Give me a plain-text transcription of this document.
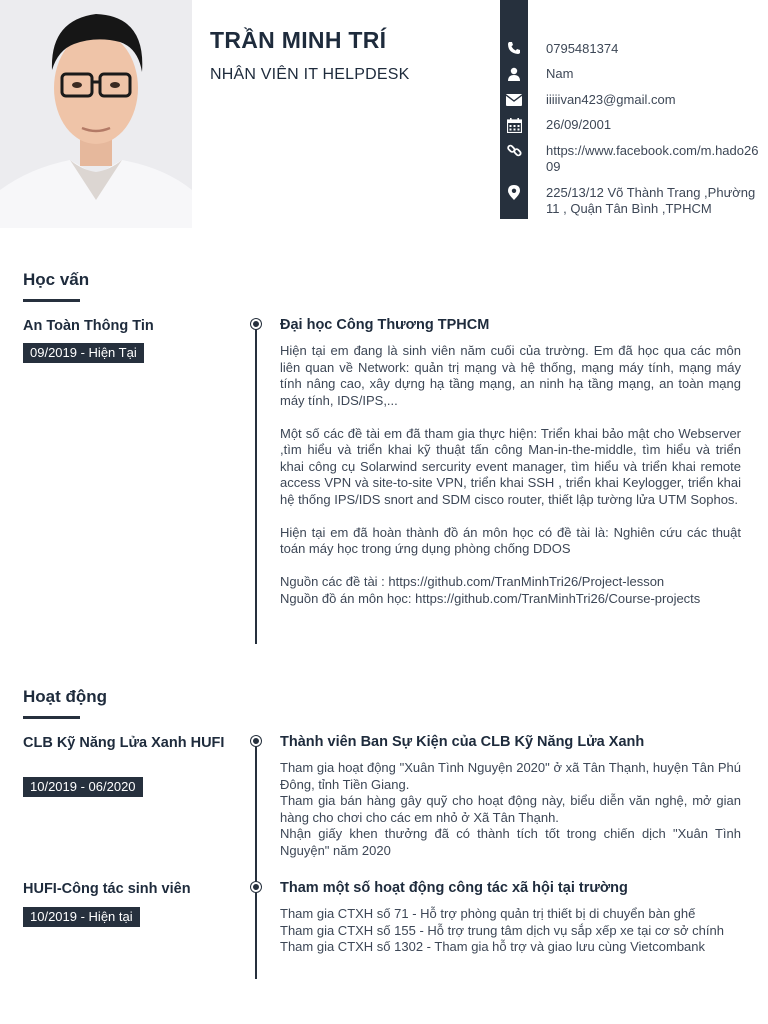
TRẦN MINH TRÍ
NHÂN VIÊN IT HELPDESK
0795481374
Nam
iiiiivan423@gmail.com
26/09/2001
https://www.facebook.com/m.hado2609
225/13/12 Võ Thành Trang ,Phường 11 , Quận Tân Bình ,TPHCM
Học vấn
An Toàn Thông Tin
09/2019 - Hiện Tại
Đại học Công Thương TPHCM

Hiện tại em đang là sinh viên năm cuối của trường. Em đã học qua các môn liên quan về Network: quản trị mạng và hệ thống, mạng máy tính, mạng máy tính nâng cao, xây dựng hạ tầng mạng, an ninh hạ tầng mạng, an toàn mạng máy tính, IDS/IPS,...

Một số các đề tài em đã tham gia thực hiện: Triển khai bảo mật cho Webserver ,tìm hiểu và triển khai kỹ thuật tấn công Man-in-the-middle, tìm hiểu và triển khai công cụ Solarwind sercurity event manager, tìm hiểu và triển khai remote access VPN và site-to-site VPN, triển khai SSH , triển khai Keylogger, triển khai hệ thống IPS/IDS snort and SDM cisco router, thiết lập tường lửa UTM Sophos.

Hiện tại em đã hoàn thành đồ án môn học có đề tài là: Nghiên cứu các thuật toán máy học trong ứng dụng phòng chống DDOS

Nguồn các đề tài : https://github.com/TranMinhTri26/Project-lesson

Nguồn đồ án môn học: https://github.com/TranMinhTri26/Course-projects

Hoạt động
CLB Kỹ Năng Lửa Xanh HUFI
10/2019 - 06/2020
HUFI-Công tác sinh viên
10/2019 - Hiện tại
Thành viên Ban Sự Kiện của CLB Kỹ Năng Lửa Xanh

Tham gia hoạt động "Xuân Tình Nguyện 2020" ở xã Tân Thạnh, huyện Tân Phú Đông, tỉnh Tiền Giang.

Tham gia bán hàng gây quỹ cho hoạt động này, biểu diễn văn nghệ, mở gian hàng cho chơi cho các em nhỏ ở Xã Tân Thạnh.

Nhận giấy khen thưởng đã có thành tích tốt trong chiến dịch "Xuân Tình Nguyện" năm 2020

Tham một số hoạt động công tác xã hội tại trường

Tham gia CTXH số 71 - Hỗ trợ phòng quản trị thiết bị di chuyển bàn ghế

Tham gia CTXH số 155 - Hỗ trợ trung tâm dịch vụ sắp xếp xe tại cơ sở chính

Tham gia CTXH số 1302 - Tham gia hỗ trợ và giao lưu cùng Vietcombank
